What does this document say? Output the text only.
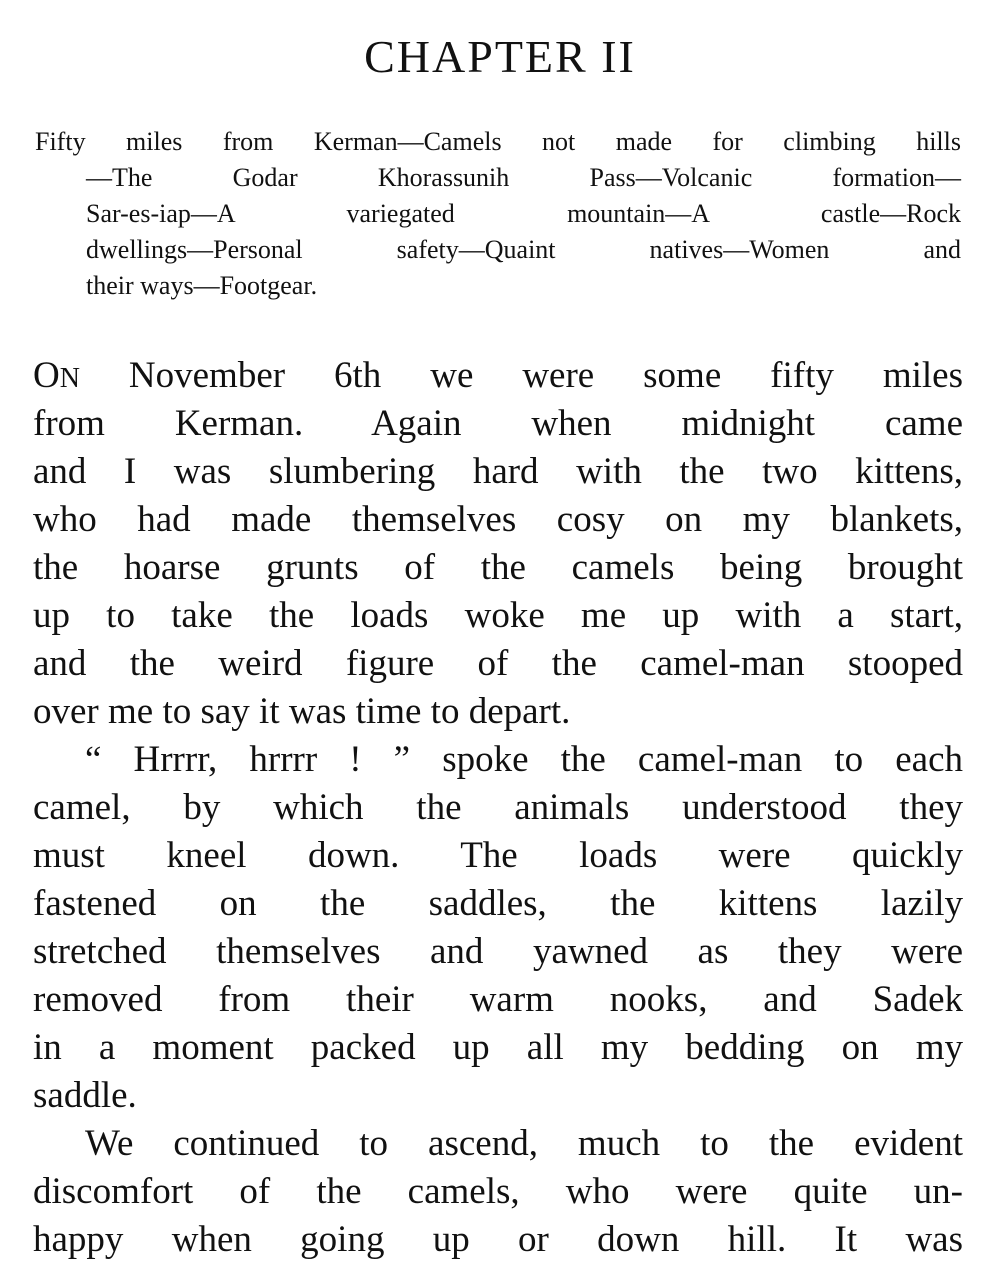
CHAPTER II
Fifty miles from Kerman—Camels not made for climbing hills
—The Godar Khorassunih Pass—Volcanic formation—
Sar-es-iap—A variegated mountain—A castle—Rock
dwellings—Personal safety—Quaint natives—Women and
their ways—Footgear.
ON November 6th we were some fifty miles
from Kerman. Again when midnight came
and I was slumbering hard with the two kittens,
who had made themselves cosy on my blankets,
the hoarse grunts of the camels being brought
up to take the loads woke me up with a start,
and the weird figure of the camel-man stooped
over me to say it was time to depart.
“ Hrrrr, hrrrr ! ” spoke the camel-man to each
camel, by which the animals understood they
must kneel down. The loads were quickly
fastened on the saddles, the kittens lazily
stretched themselves and yawned as they were
removed from their warm nooks, and Sadek
in a moment packed up all my bedding on my
saddle.
We continued to ascend, much to the evident
discomfort of the camels, who were quite un-
happy when going up or down hill. It was
